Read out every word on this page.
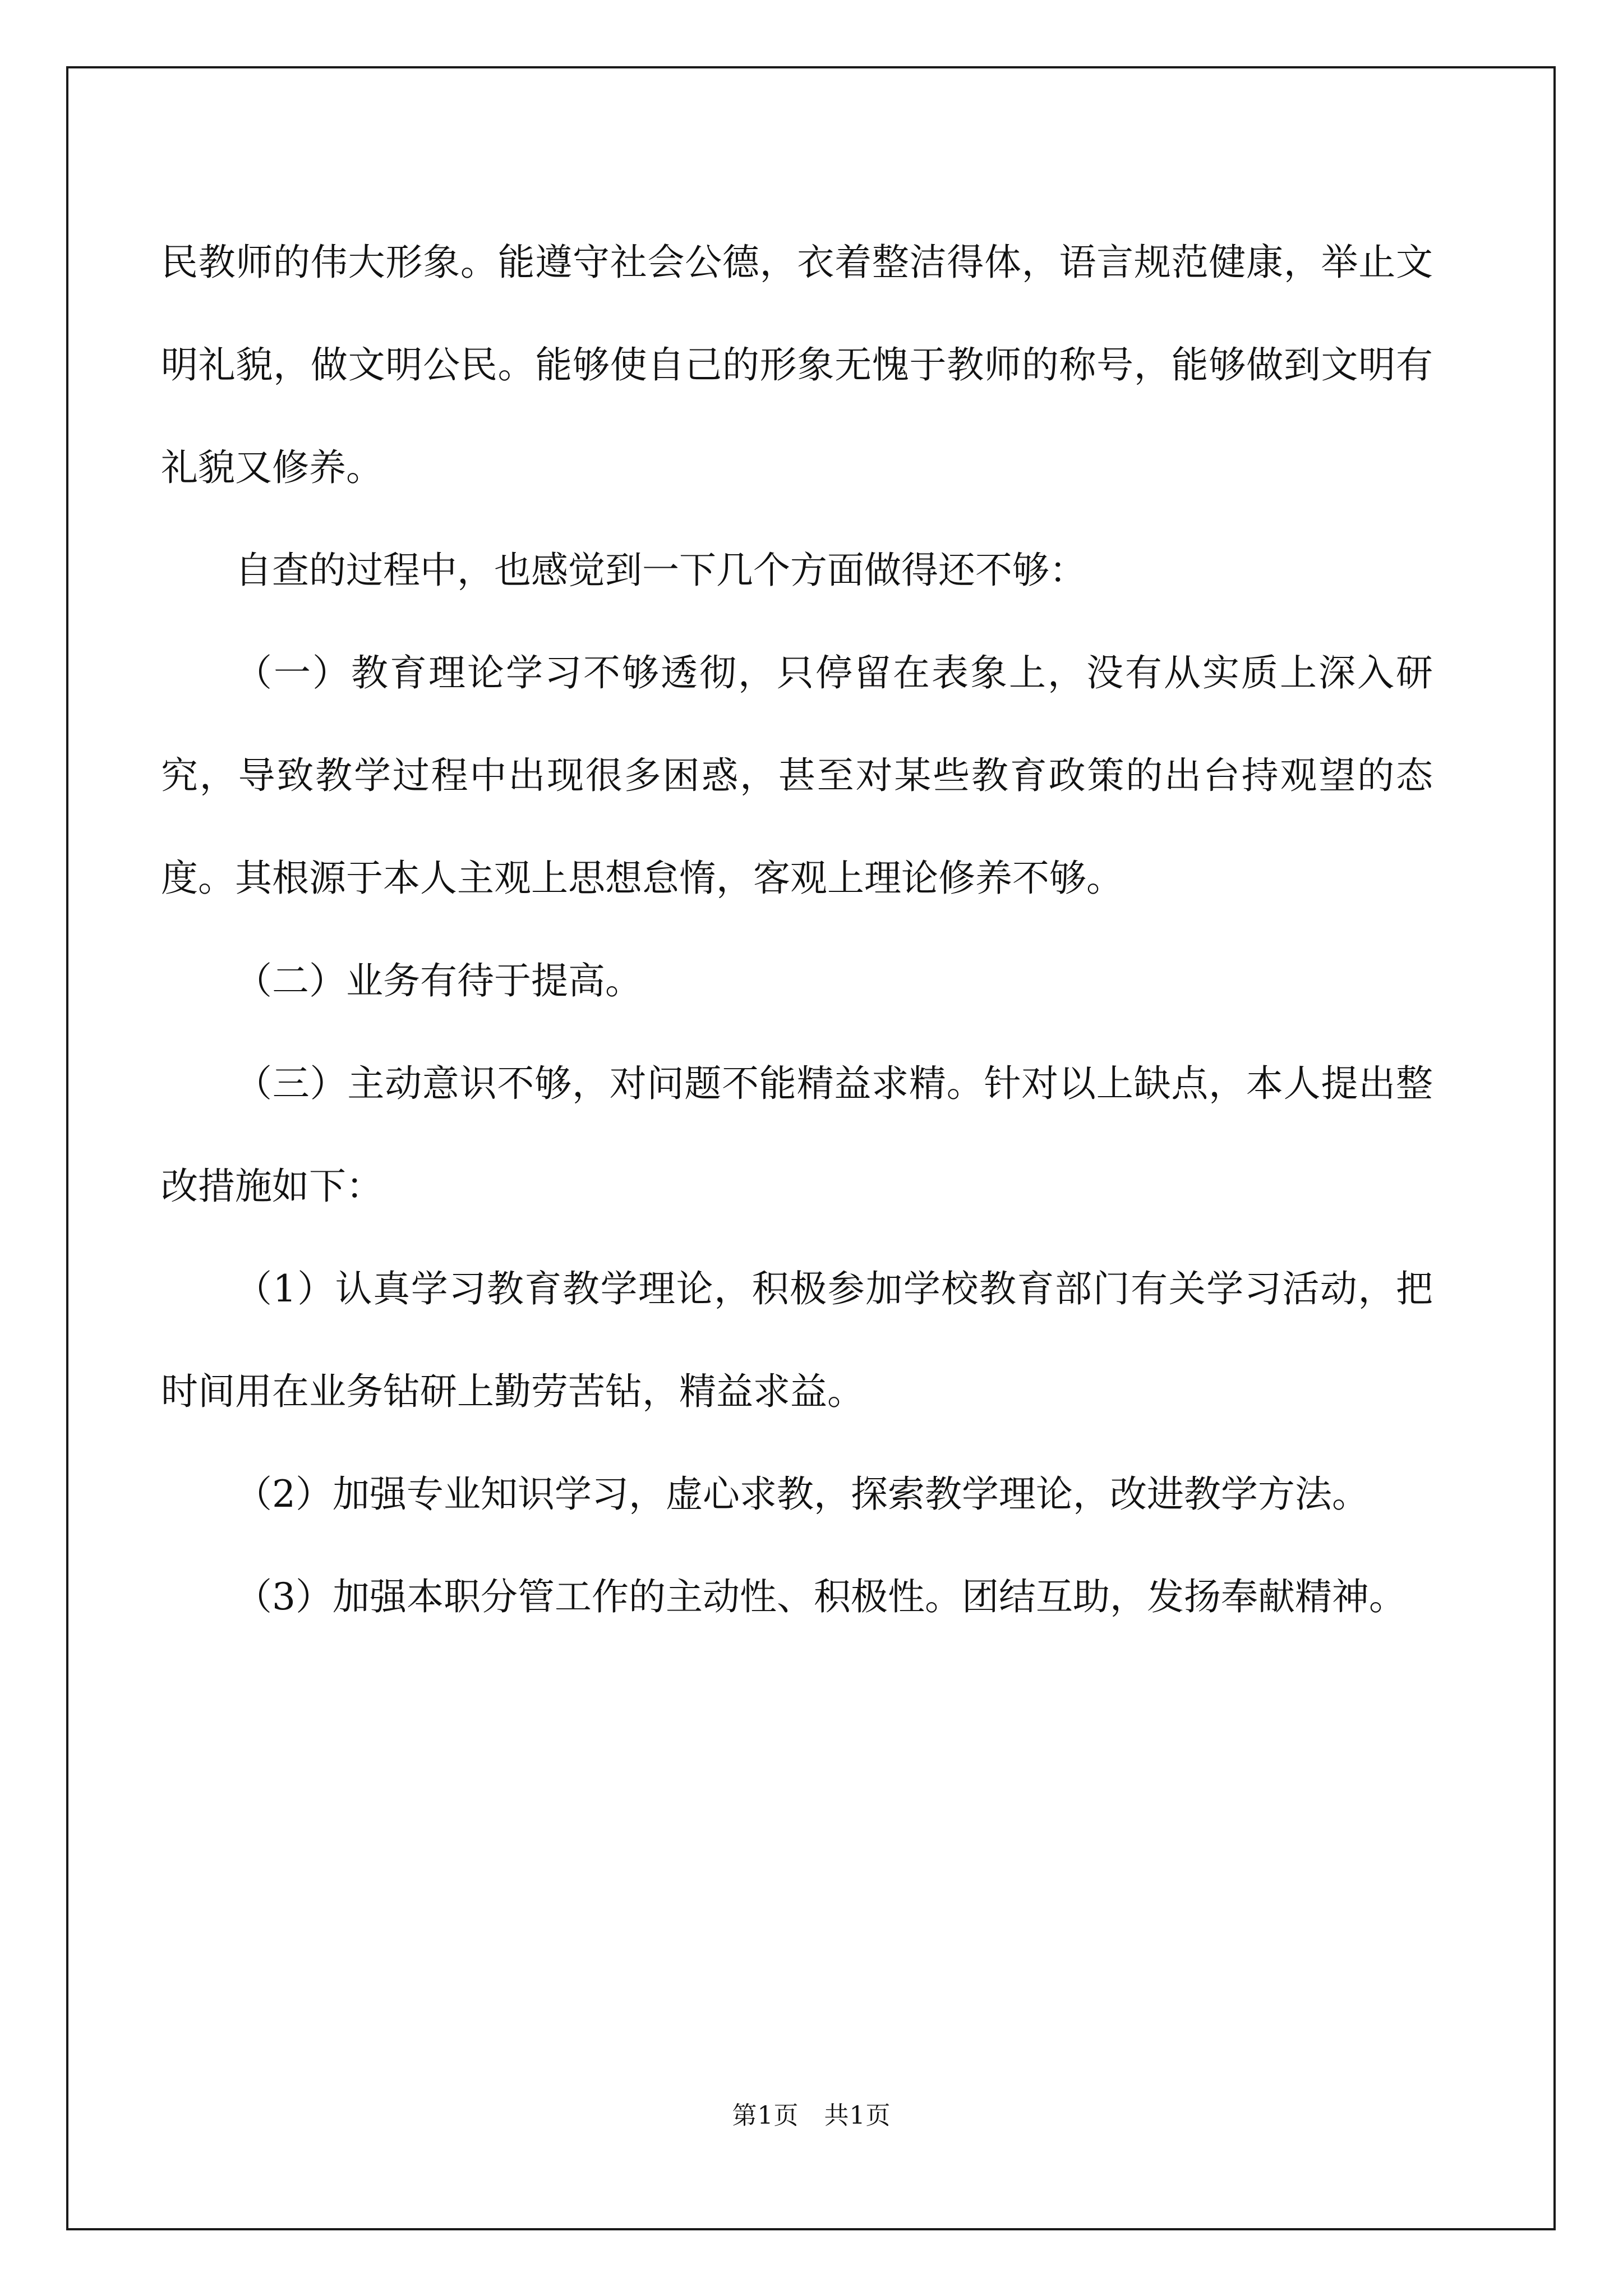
民教师的伟大形象。能遵守社会公德，衣着整洁得体，语言规范健康，举止文明礼貌，做文明公民。能够使自己的形象无愧于教师的称号，能够做到文明有礼貌又修养。

自查的过程中，也感觉到一下几个方面做得还不够：

（一）教育理论学习不够透彻，只停留在表象上，没有从实质上深入研究，导致教学过程中出现很多困惑，甚至对某些教育政策的出台持观望的态度。其根源于本人主观上思想怠惰，客观上理论修养不够。

（二）业务有待于提高。

（三）主动意识不够，对问题不能精益求精。针对以上缺点，本人提出整改措施如下：

（1）认真学习教育教学理论，积极参加学校教育部门有关学习活动，把时间用在业务钻研上勤劳苦钻，精益求益。

（2）加强专业知识学习，虚心求教，探索教学理论，改进教学方法。

（3）加强本职分管工作的主动性、积极性。团结互助，发扬奉献精神。

第1页　共1页
